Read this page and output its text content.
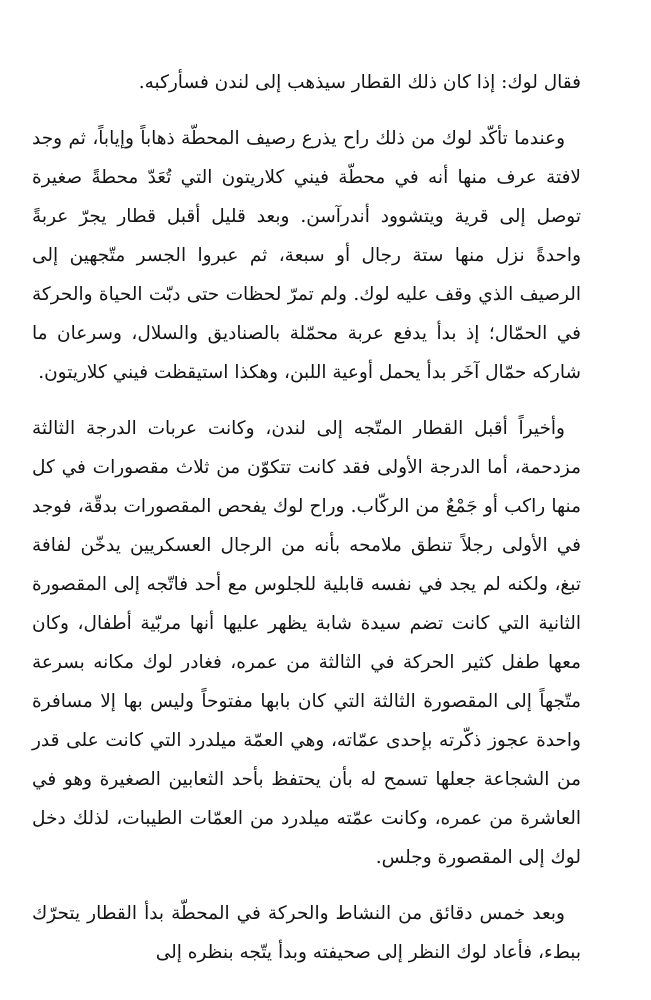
فقال لوك: إذا كان ذلك القطار سيذهب إلى لندن فسأركبه.

وعندما تأكّد لوك من ذلك راح يذرع رصيف المحطّة ذهاباً وإياباً، ثم وجد لافتة عرف منها أنه في محطّة فيني كلاريتون التي تُعَدّ محطةً صغيرة توصل إلى قرية ويتشوود أندرآسن. وبعد قليل أقبل قطار يجرّ عربةً واحدةً نزل منها ستة رجال أو سبعة، ثم عبروا الجسر متّجهين إلى الرصيف الذي وقف عليه لوك. ولم تمرّ لحظات حتى دبّت الحياة والحركة في الحمّال؛ إذ بدأ يدفع عربة محمّلة بالصناديق والسلال، وسرعان ما شاركه حمّال آخَر بدأ يحمل أوعية اللبن، وهكذا استيقظت فيني كلاريتون.

وأخيراً أقبل القطار المتّجه إلى لندن، وكانت عربات الدرجة الثالثة مزدحمة، أما الدرجة الأولى فقد كانت تتكوّن من ثلاث مقصورات في كل منها راكب أو جَمْعٌ من الركّاب. وراح لوك يفحص المقصورات بدقّة، فوجد في الأولى رجلاً تنطق ملامحه بأنه من الرجال العسكريين يدخّن لفافة تبغ، ولكنه لم يجد في نفسه قابلية للجلوس مع أحد فاتّجه إلى المقصورة الثانية التي كانت تضم سيدة شابة يظهر عليها أنها مربّية أطفال، وكان معها طفل كثير الحركة في الثالثة من عمره، فغادر لوك مكانه بسرعة متّجهاً إلى المقصورة الثالثة التي كان بابها مفتوحاً وليس بها إلا مسافرة واحدة عجوز ذكّرته بإحدى عمّاته، وهي العمّة ميلدرد التي كانت على قدر من الشجاعة جعلها تسمح له بأن يحتفظ بأحد الثعابين الصغيرة وهو في العاشرة من عمره، وكانت عمّته ميلدرد من العمّات الطيبات، لذلك دخل لوك إلى المقصورة وجلس.

وبعد خمس دقائق من النشاط والحركة في المحطّة بدأ القطار يتحرّك ببطء، فأعاد لوك النظر إلى صحيفته وبدأ يتّجه بنظره إلى
